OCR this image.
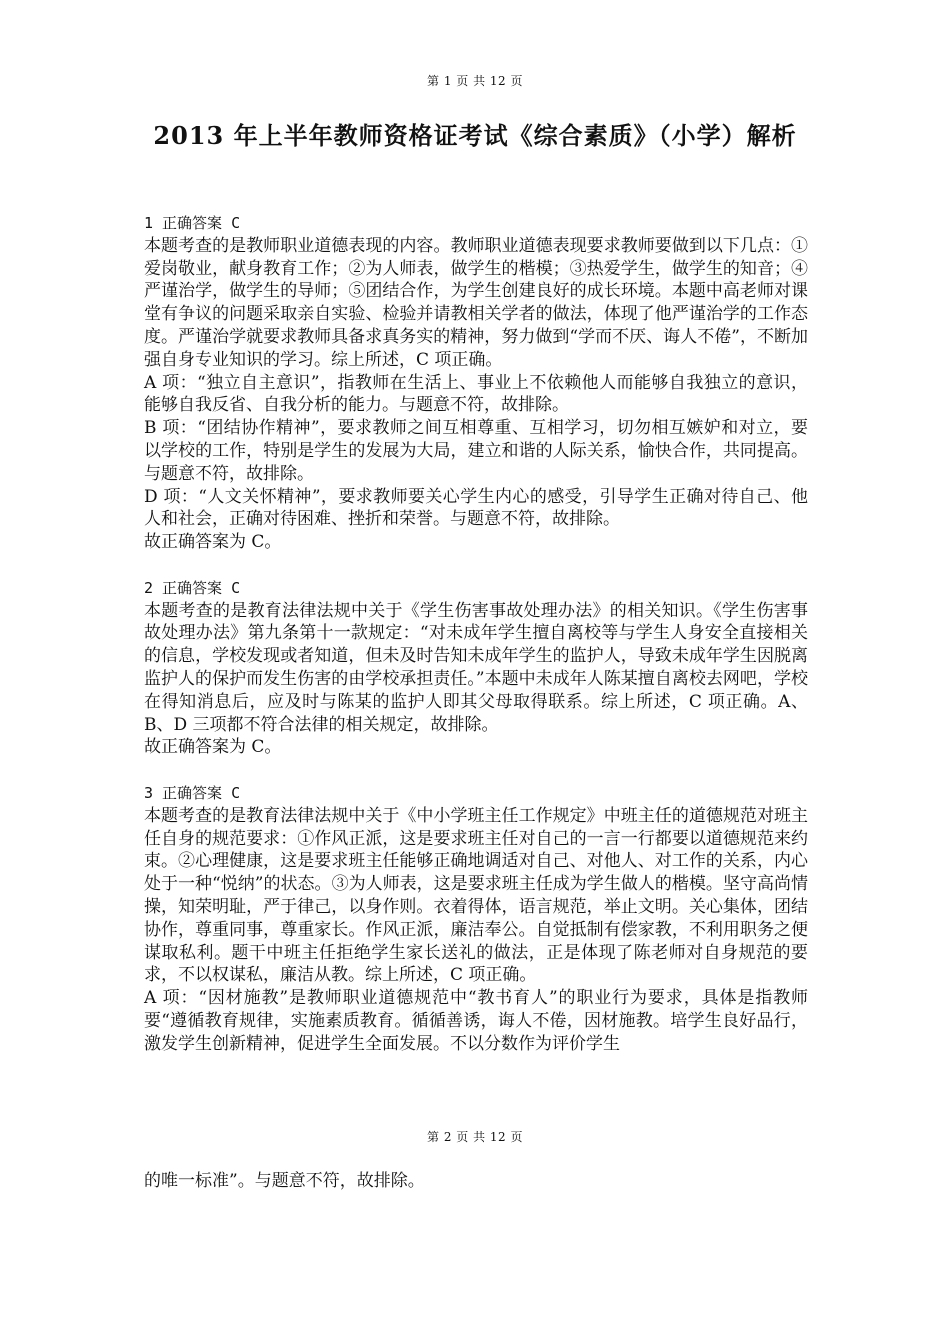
第 1 页 共 12 页
2013 年上半年教师资格证考试《综合素质》（小学）解析

1 正确答案 C

本题考查的是教师职业道德表现的内容。教师职业道德表现要求教师要做到以下几点：①爱岗敬业，献身教育工作；②为人师表，做学生的楷模；③热爱学生，做学生的知音；④严谨治学，做学生的导师；⑤团结合作，为学生创建良好的成长环境。本题中高老师对课堂有争议的问题采取亲自实验、检验并请教相关学者的做法，体现了他严谨治学的工作态度。严谨治学就要求教师具备求真务实的精神，努力做到“学而不厌、诲人不倦”，不断加强自身专业知识的学习。综上所述，C 项正确。

A 项：“独立自主意识”，指教师在生活上、事业上不依赖他人而能够自我独立的意识，能够自我反省、自我分析的能力。与题意不符，故排除。

B 项：“团结协作精神”，要求教师之间互相尊重、互相学习，切勿相互嫉妒和对立，要以学校的工作，特别是学生的发展为大局，建立和谐的人际关系，愉快合作，共同提高。与题意不符，故排除。

D 项：“人文关怀精神”，要求教师要关心学生内心的感受，引导学生正确对待自己、他人和社会，正确对待困难、挫折和荣誉。与题意不符，故排除。

故正确答案为 C。

2 正确答案 C

本题考查的是教育法律法规中关于《学生伤害事故处理办法》的相关知识。《学生伤害事故处理办法》第九条第十一款规定：“对未成年学生擅自离校等与学生人身安全直接相关的信息，学校发现或者知道，但未及时告知未成年学生的监护人，导致未成年学生因脱离监护人的保护而发生伤害的由学校承担责任。”本题中未成年人陈某擅自离校去网吧，学校在得知消息后，应及时与陈某的监护人即其父母取得联系。综上所述，C 项正确。A、B、D 三项都不符合法律的相关规定，故排除。

故正确答案为 C。

3 正确答案 C

本题考查的是教育法律法规中关于《中小学班主任工作规定》中班主任的道德规范对班主任自身的规范要求：①作风正派，这是要求班主任对自己的一言一行都要以道德规范来约束。②心理健康，这是要求班主任能够正确地调适对自己、对他人、对工作的关系，内心处于一种“悦纳”的状态。③为人师表，这是要求班主任成为学生做人的楷模。坚守高尚情操，知荣明耻，严于律己，以身作则。衣着得体，语言规范，举止文明。关心集体，团结协作，尊重同事，尊重家长。作风正派，廉洁奉公。自觉抵制有偿家教，不利用职务之便谋取私利。题干中班主任拒绝学生家长送礼的做法，正是体现了陈老师对自身规范的要求，不以权谋私，廉洁从教。综上所述，C 项正确。

A 项：“因材施教”是教师职业道德规范中“教书育人”的职业行为要求，具体是指教师要“遵循教育规律，实施素质教育。循循善诱，诲人不倦，因材施教。培学生良好品行，激发学生创新精神，促进学生全面发展。不以分数作为评价学生

第 2 页 共 12 页

的唯一标准”。与题意不符，故排除。
